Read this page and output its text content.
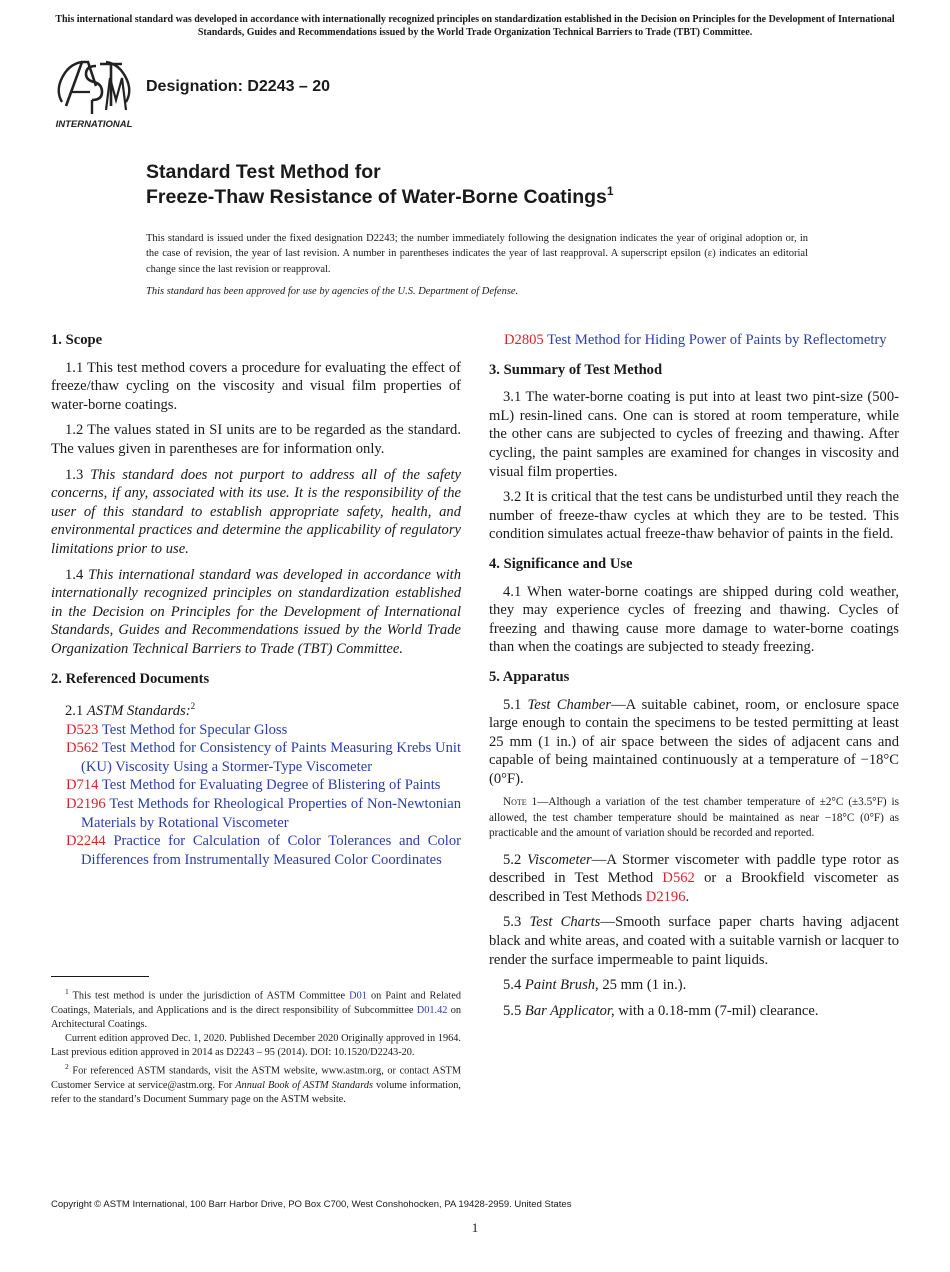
This international standard was developed in accordance with internationally recognized principles on standardization established in the Decision on Principles for the Development of International Standards, Guides and Recommendations issued by the World Trade Organization Technical Barriers to Trade (TBT) Committee.
INTERNATIONAL
Designation: D2243 – 20
Standard Test Method for
Freeze-Thaw Resistance of Water-Borne Coatings$^1$
This standard is issued under the fixed designation D2243; the number immediately following the designation indicates the year of original adoption or, in the case of revision, the year of last revision. A number in parentheses indicates the year of last reapproval. A superscript epsilon (ε) indicates an editorial change since the last revision or reapproval.
This standard has been approved for use by agencies of the U.S. Department of Defense.
1. Scope
1.1 This test method covers a procedure for evaluating the effect of freeze/thaw cycling on the viscosity and visual film properties of water-borne coatings.
1.2 The values stated in SI units are to be regarded as the standard. The values given in parentheses are for information only.
1.3 This standard does not purport to address all of the safety concerns, if any, associated with its use. It is the responsibility of the user of this standard to establish appropriate safety, health, and environmental practices and determine the applicability of regulatory limitations prior to use.
1.4 This international standard was developed in accordance with internationally recognized principles on standardization established in the Decision on Principles for the Development of International Standards, Guides and Recommendations issued by the World Trade Organization Technical Barriers to Trade (TBT) Committee.
2. Referenced Documents
2.1 ASTM Standards:$^2$
D523 Test Method for Specular Gloss
D562 Test Method for Consistency of Paints Measuring Krebs Unit (KU) Viscosity Using a Stormer-Type Viscometer
D714 Test Method for Evaluating Degree of Blistering of Paints
D2196 Test Methods for Rheological Properties of Non-Newtonian Materials by Rotational Viscometer
D2244 Practice for Calculation of Color Tolerances and Color Differences from Instrumentally Measured Color Coordinates
D2805 Test Method for Hiding Power of Paints by Reflectometry
3. Summary of Test Method
3.1 The water-borne coating is put into at least two pint-size (500-mL) resin-lined cans. One can is stored at room temperature, while the other cans are subjected to cycles of freezing and thawing. After cycling, the paint samples are examined for changes in viscosity and visual film properties.
3.2 It is critical that the test cans be undisturbed until they reach the number of freeze-thaw cycles at which they are to be tested. This condition simulates actual freeze-thaw behavior of paints in the field.
4. Significance and Use
4.1 When water-borne coatings are shipped during cold weather, they may experience cycles of freezing and thawing. Cycles of freezing and thawing cause more damage to water-borne coatings than when the coatings are subjected to steady freezing.
5. Apparatus
5.1 Test Chamber—A suitable cabinet, room, or enclosure space large enough to contain the specimens to be tested permitting at least 25 mm (1 in.) of air space between the sides of adjacent cans and capable of being maintained continuously at a temperature of −18°C (0°F).
Note 1—Although a variation of the test chamber temperature of ±2°C (±3.5°F) is allowed, the test chamber temperature should be maintained as near −18°C (0°F) as practicable and the amount of variation should be recorded and reported.
5.2 Viscometer—A Stormer viscometer with paddle type rotor as described in Test Method D562 or a Brookfield viscometer as described in Test Methods D2196.
5.3 Test Charts—Smooth surface paper charts having adjacent black and white areas, and coated with a suitable varnish or lacquer to render the surface impermeable to paint liquids.
5.4 Paint Brush, 25 mm (1 in.).
5.5 Bar Applicator, with a 0.18-mm (7-mil) clearance.
$^1$ This test method is under the jurisdiction of ASTM Committee D01 on Paint and Related Coatings, Materials, and Applications and is the direct responsibility of Subcommittee D01.42 on Architectural Coatings.
Current edition approved Dec. 1, 2020. Published December 2020 Originally approved in 1964. Last previous edition approved in 2014 as D2243 – 95 (2014). DOI: 10.1520/D2243-20.
$^2$ For referenced ASTM standards, visit the ASTM website, www.astm.org, or contact ASTM Customer Service at service@astm.org. For Annual Book of ASTM Standards volume information, refer to the standard’s Document Summary page on the ASTM website.
Copyright © ASTM International, 100 Barr Harbor Drive, PO Box C700, West Conshohocken, PA 19428-2959. United States
1
